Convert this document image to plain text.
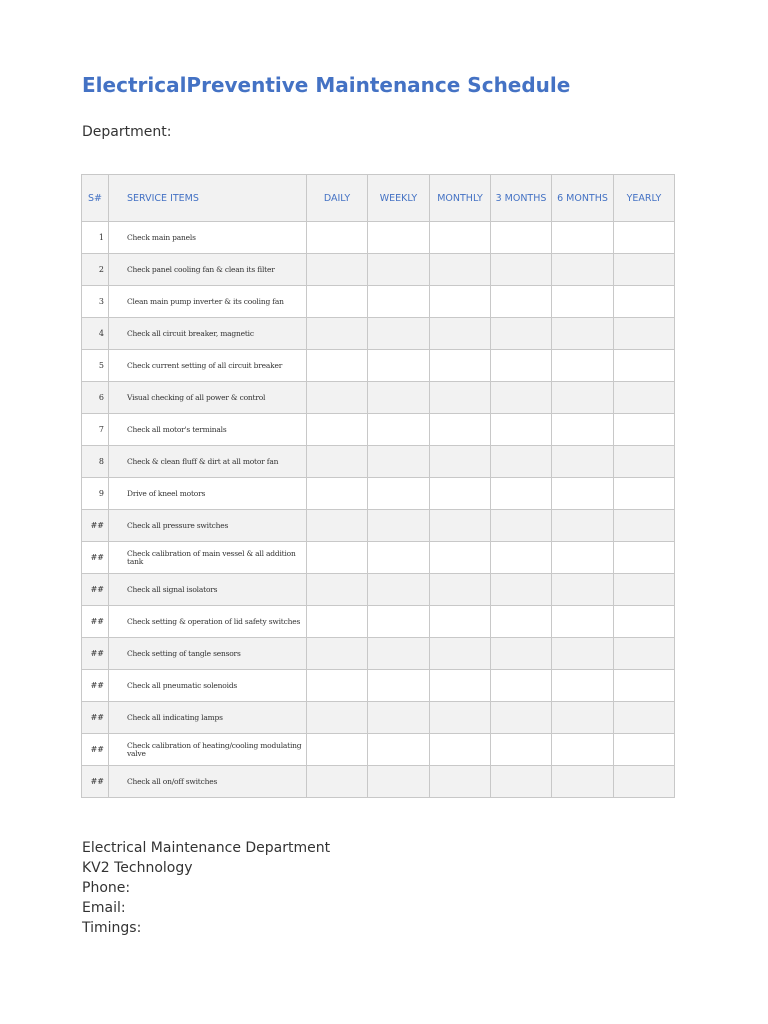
ElectricalPreventive Maintenance Schedule
Department:
S#	SERVICE ITEMS	DAILY	WEEKLY	MONTHLY	3 MONTHS	6 MONTHS	YEARLY
1	Check main panels						
2	Check panel cooling fan & clean its filter						
3	Clean main pump inverter & its cooling fan						
4	Check all circuit breaker, magnetic						
5	Check current setting of all circuit breaker						
6	Visual checking of all power & control						
7	Check all motor's terminals						
8	Check & clean fluff & dirt at all motor fan						
9	Drive of kneel motors						
##	Check all pressure switches						
##	Check calibration of main vessel & all addition tank						
##	Check all signal isolators						
##	Check setting & operation of lid safety switches						
##	Check setting of tangle sensors						
##	Check all pneumatic solenoids						
##	Check all indicating lamps						
##	Check calibration of heating/cooling modulating valve						
##	Check all on/off switches						
Electrical Maintenance Department
KV2 Technology
Phone:
Email:
Timings:
